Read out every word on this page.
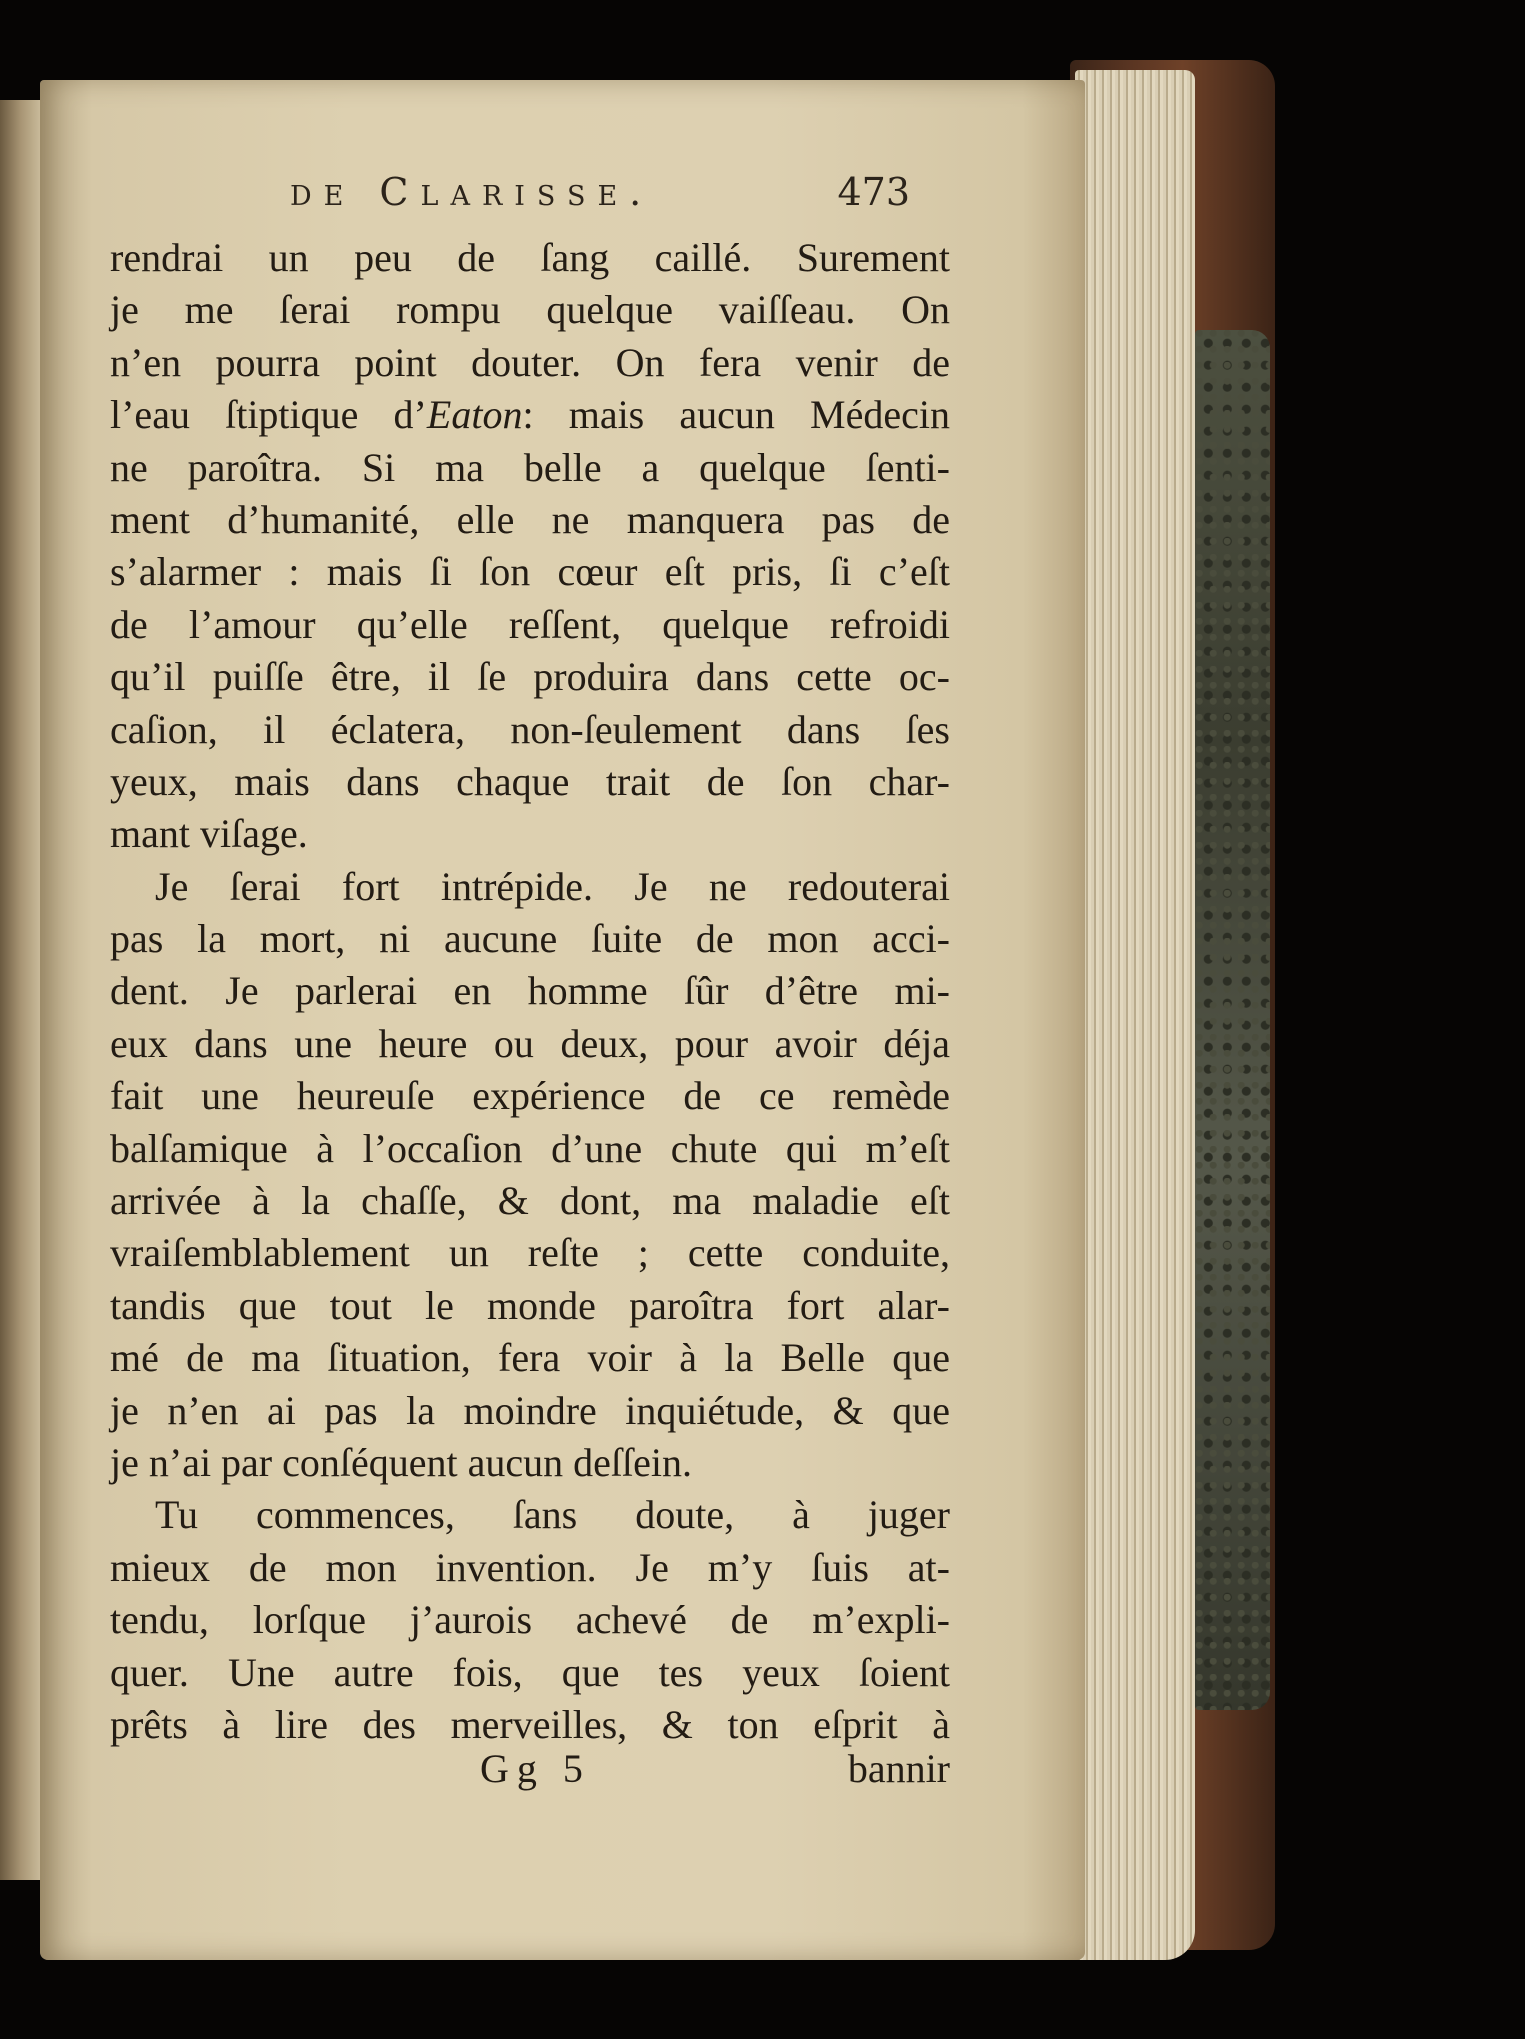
de Clarisse.	473
rendrai un peu de ſang caillé. Surement
je me ſerai rompu quelque vaiſſeau. On
n’en pourra point douter. On fera venir de
l’eau ſtiptique d’Eaton: mais aucun Médecin
ne paroîtra. Si ma belle a quelque ſenti-
ment d’humanité, elle ne manquera pas de
s’alarmer : mais ſi ſon cœur eſt pris, ſi c’eſt
de l’amour qu’elle reſſent, quelque refroidi
qu’il puiſſe être, il ſe produira dans cette oc-
caſion, il éclatera, non-ſeulement dans ſes
yeux, mais dans chaque trait de ſon char-
mant viſage.
Je ſerai fort intrépide. Je ne redouterai
pas la mort, ni aucune ſuite de mon acci-
dent. Je parlerai en homme ſûr d’être mi-
eux dans une heure ou deux, pour avoir déja
fait une heureuſe expérience de ce remède
balſamique à l’occaſion d’une chute qui m’eſt
arrivée à la chaſſe, & dont, ma maladie eſt
vraiſemblablement un reſte ; cette conduite,
tandis que tout le monde paroîtra fort alar-
mé de ma ſituation, fera voir à la Belle que
je n’en ai pas la moindre inquiétude, & que
je n’ai par conſéquent aucun deſſein.
Tu commences, ſans doute, à juger
mieux de mon invention. Je m’y ſuis at-
tendu, lorſque j’aurois achevé de m’expli-
quer. Une autre fois, que tes yeux ſoient
prêts à lire des merveilles, & ton eſprit à
Gg 5	bannir
